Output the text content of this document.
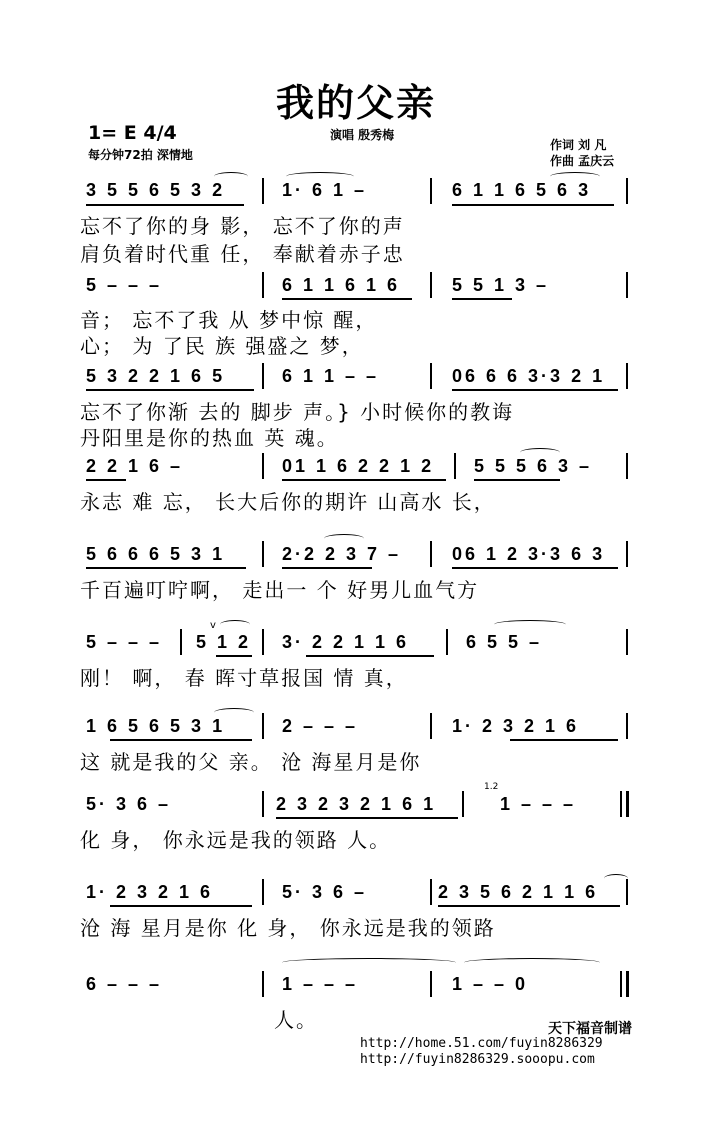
我的父亲
1= E 4/4
每分钟72拍 深情地
演唱 殷秀梅
作词 刘 凡
作曲 孟庆云
3 5 5 6 5 3 2	1· 6 1 –	6 1 1 6 5 6 3
忘不了你的身 影， 忘不了你的声
肩负着时代重 任， 奉献着赤子忠
5 – – –	6 1 1 6 1 6	5 5 1 3 –
音； 忘不了我 从 梦中惊 醒，
心； 为 了民 族 强盛之 梦，
5 3 2 2 1 6 5	6 1 1 – –	06 6 6 3·3 2 1
忘不了你渐 去的 脚步 声。} 小时候你的教诲
丹阳里是你的热血 英 魂。
2 2 1 6 –	01 1 6 2 2 1 2 5 5 5 6 3 –
永志 难 忘， 长大后你的期许 山高水 长，
5 6 6 6 5 3 1	2·2 2 3 7 –	06 1 2 3·3 6 3
千百遍叮咛啊， 走出一 个 好男儿血气方
v
5 – – – 5 1 2 3· 2 2 1 1 6	6 5 5 –
刚！ 啊， 春 晖寸草报国 情 真，
1 6 5 6 5 3 1	2 – – –	1· 2 3 2 1 6
这 就是我的父 亲。 沧 海星月是你
1.2
5· 3 6 –	2 3 2 3 2 1 6 1	1 – – –
化 身， 你永远是我的领路 人。
1· 2 3 2 1 6	5· 3 6 –	2 3 5 6 2 1 1 6
沧 海 星月是你 化 身， 你永远是我的领路
6 – – –	1 – – –	1 – – 0
人。	天下福音制谱
http://home.51.com/fuyin8286329
http://fuyin8286329.sooopu.com
